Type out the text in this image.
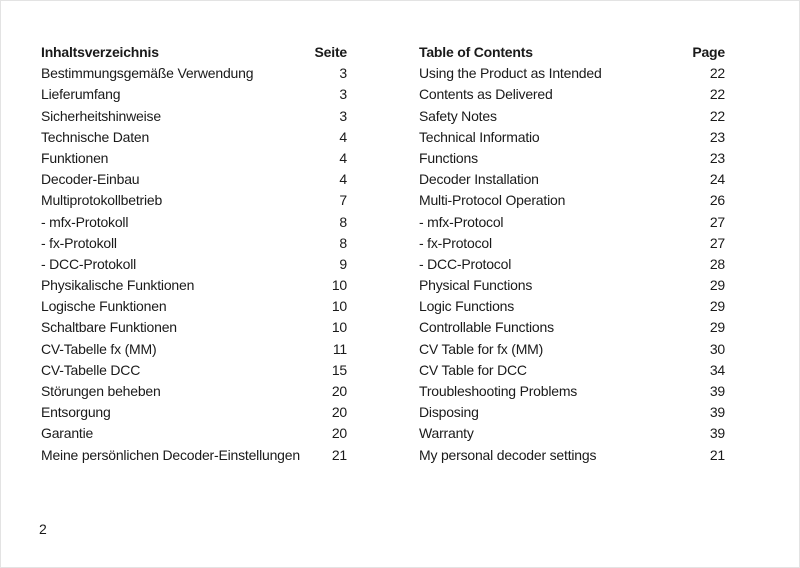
Inhaltsverzeichnis	Seite
Bestimmungsgemäße Verwendung	3
Lieferumfang	3
Sicherheitshinweise	3
Technische Daten	4
Funktionen	4
Decoder-Einbau	4
Multiprotokollbetrieb	7
- mfx-Protokoll	8
- fx-Protokoll	8
- DCC-Protokoll	9
Physikalische Funktionen	10
Logische Funktionen	10
Schaltbare Funktionen	10
CV-Tabelle fx (MM)	11
CV-Tabelle DCC	15
Störungen beheben	20
Entsorgung	20
Garantie	20
Meine persönlichen Decoder-Einstellungen 21
Table of Contents	Page
Using the Product as Intended	22
Contents as Delivered	22
Safety Notes	22
Technical Informatio	23
Functions	23
Decoder Installation	24
Multi-Protocol Operation	26
- mfx-Protocol	27
- fx-Protocol	27
- DCC-Protocol	28
Physical Functions	29
Logic Functions	29
Controllable Functions	29
CV Table for fx (MM)	30
CV Table for DCC	34
Troubleshooting Problems	39
Disposing	39
Warranty	39
My personal decoder settings	21
2
